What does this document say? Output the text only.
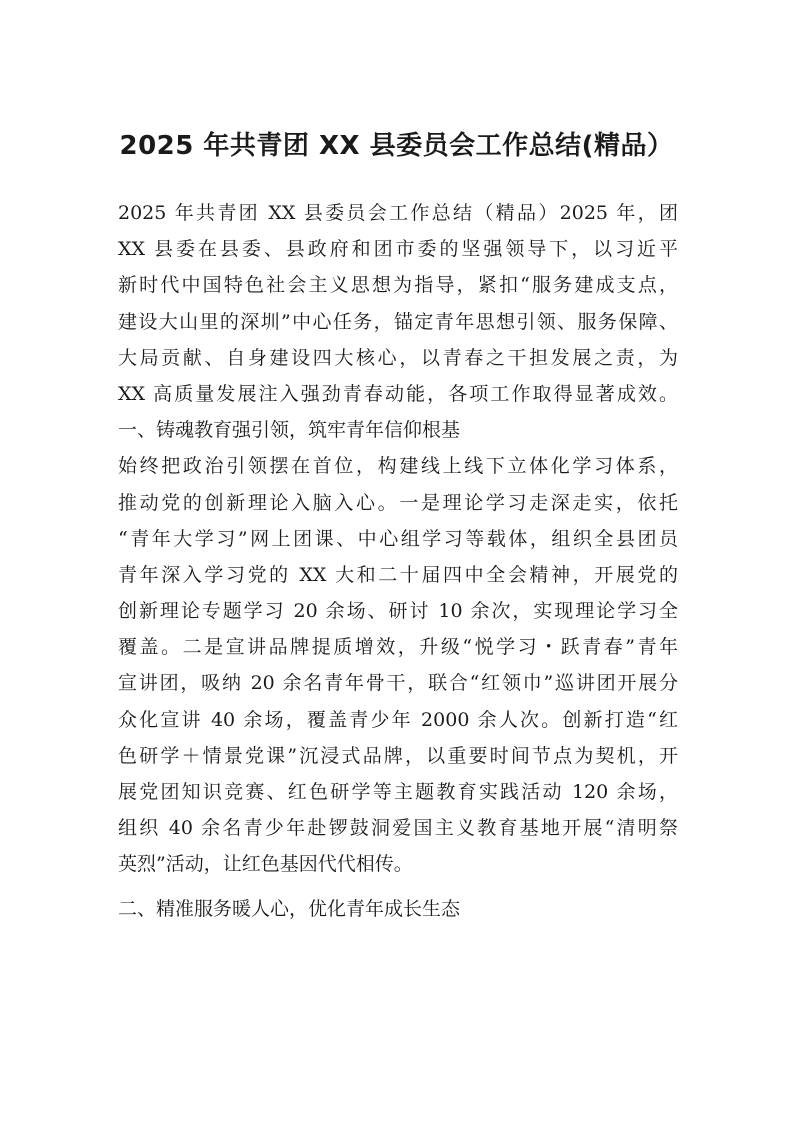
2025 年共青团 XX 县委员会工作总结(精品）
2025 年共青团 XX 县委员会工作总结（精品）2025 年，团
XX 县委在县委、县政府和团市委的坚强领导下，以习近平
新时代中国特色社会主义思想为指导，紧扣“服务建成支点，
建设大山里的深圳”中心任务，锚定青年思想引领、服务保障、
大局贡献、自身建设四大核心，以青春之干担发展之责，为
XX 高质量发展注入强劲青春动能，各项工作取得显著成效。
一、铸魂教育强引领，筑牢青年信仰根基
始终把政治引领摆在首位，构建线上线下立体化学习体系，
推动党的创新理论入脑入心。一是理论学习走深走实，依托
“青年大学习”网上团课、中心组学习等载体，组织全县团员
青年深入学习党的 XX 大和二十届四中全会精神，开展党的
创新理论专题学习 20 余场、研讨 10 余次，实现理论学习全
覆盖。二是宣讲品牌提质增效，升级“悦学习・跃青春”青年
宣讲团，吸纳 20 余名青年骨干，联合“红领巾”巡讲团开展分
众化宣讲 40 余场，覆盖青少年 2000 余人次。创新打造“红
色研学＋情景党课”沉浸式品牌，以重要时间节点为契机，开
展党团知识竞赛、红色研学等主题教育实践活动 120 余场，
组织 40 余名青少年赴锣鼓洞爱国主义教育基地开展“清明祭
英烈”活动，让红色基因代代相传。
二、精准服务暖人心，优化青年成长生态
